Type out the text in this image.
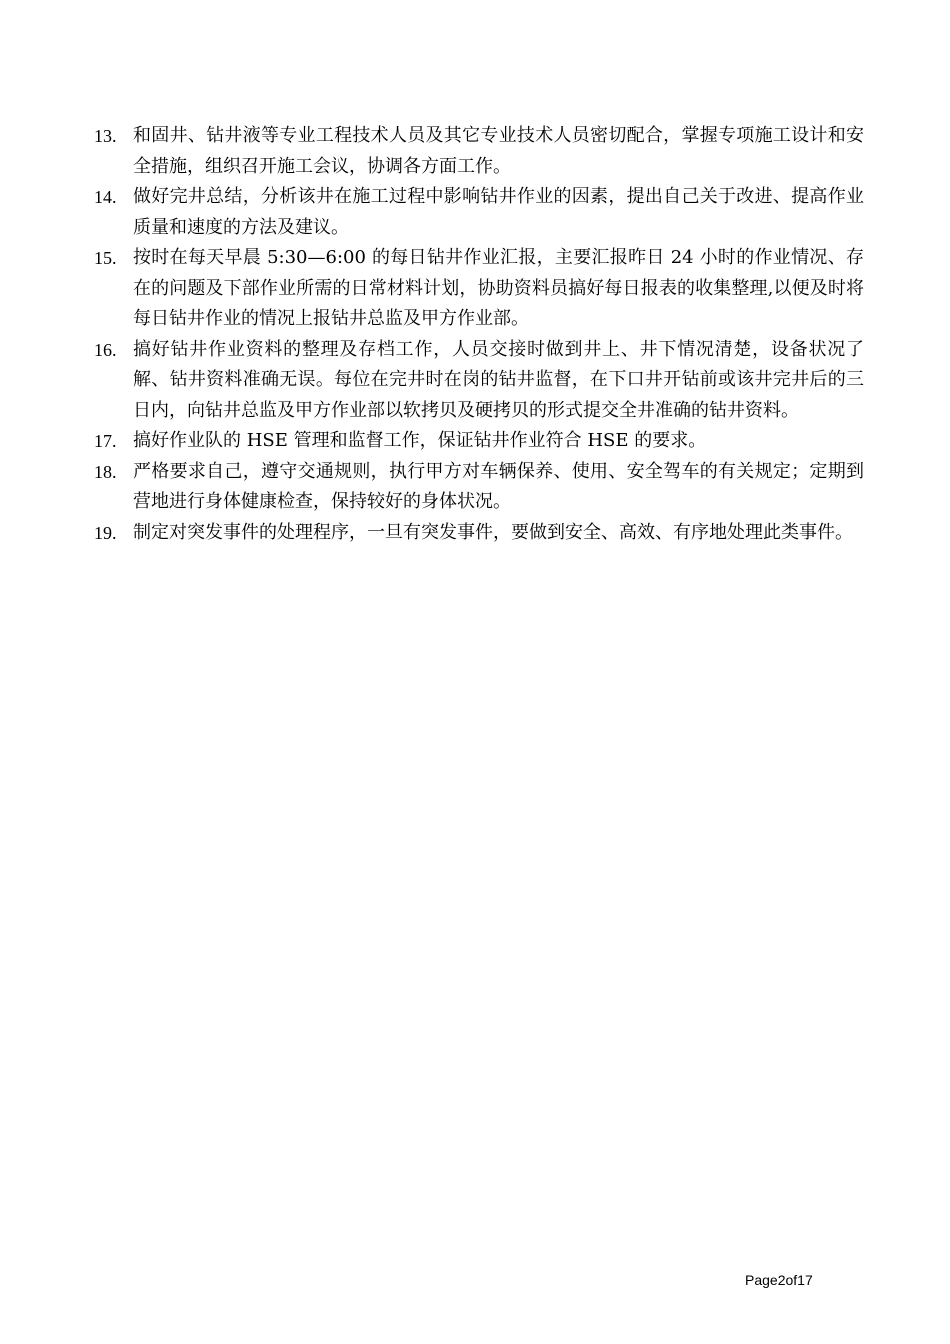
13. 和固井、钻井液等专业工程技术人员及其它专业技术人员密切配合，掌握专项施工设计和安全措施，组织召开施工会议，协调各方面工作。
14. 做好完井总结，分析该井在施工过程中影响钻井作业的因素，提出自己关于改进、提高作业质量和速度的方法及建议。
15. 按时在每天早晨 5:30—6:00 的每日钻井作业汇报，主要汇报昨日 24 小时的作业情况、存在的问题及下部作业所需的日常材料计划，协助资料员搞好每日报表的收集整理,以便及时将每日钻井作业的情况上报钻井总监及甲方作业部。
16. 搞好钻井作业资料的整理及存档工作，人员交接时做到井上、井下情况清楚，设备状况了解、钻井资料准确无误。每位在完井时在岗的钻井监督，在下口井开钻前或该井完井后的三日内，向钻井总监及甲方作业部以软拷贝及硬拷贝的形式提交全井准确的钻井资料。
17. 搞好作业队的 HSE 管理和监督工作，保证钻井作业符合 HSE 的要求。
18. 严格要求自己，遵守交通规则，执行甲方对车辆保养、使用、安全驾车的有关规定；定期到营地进行身体健康检查，保持较好的身体状况。
19. 制定对突发事件的处理程序，一旦有突发事件，要做到安全、高效、有序地处理此类事件。
Page2of17
